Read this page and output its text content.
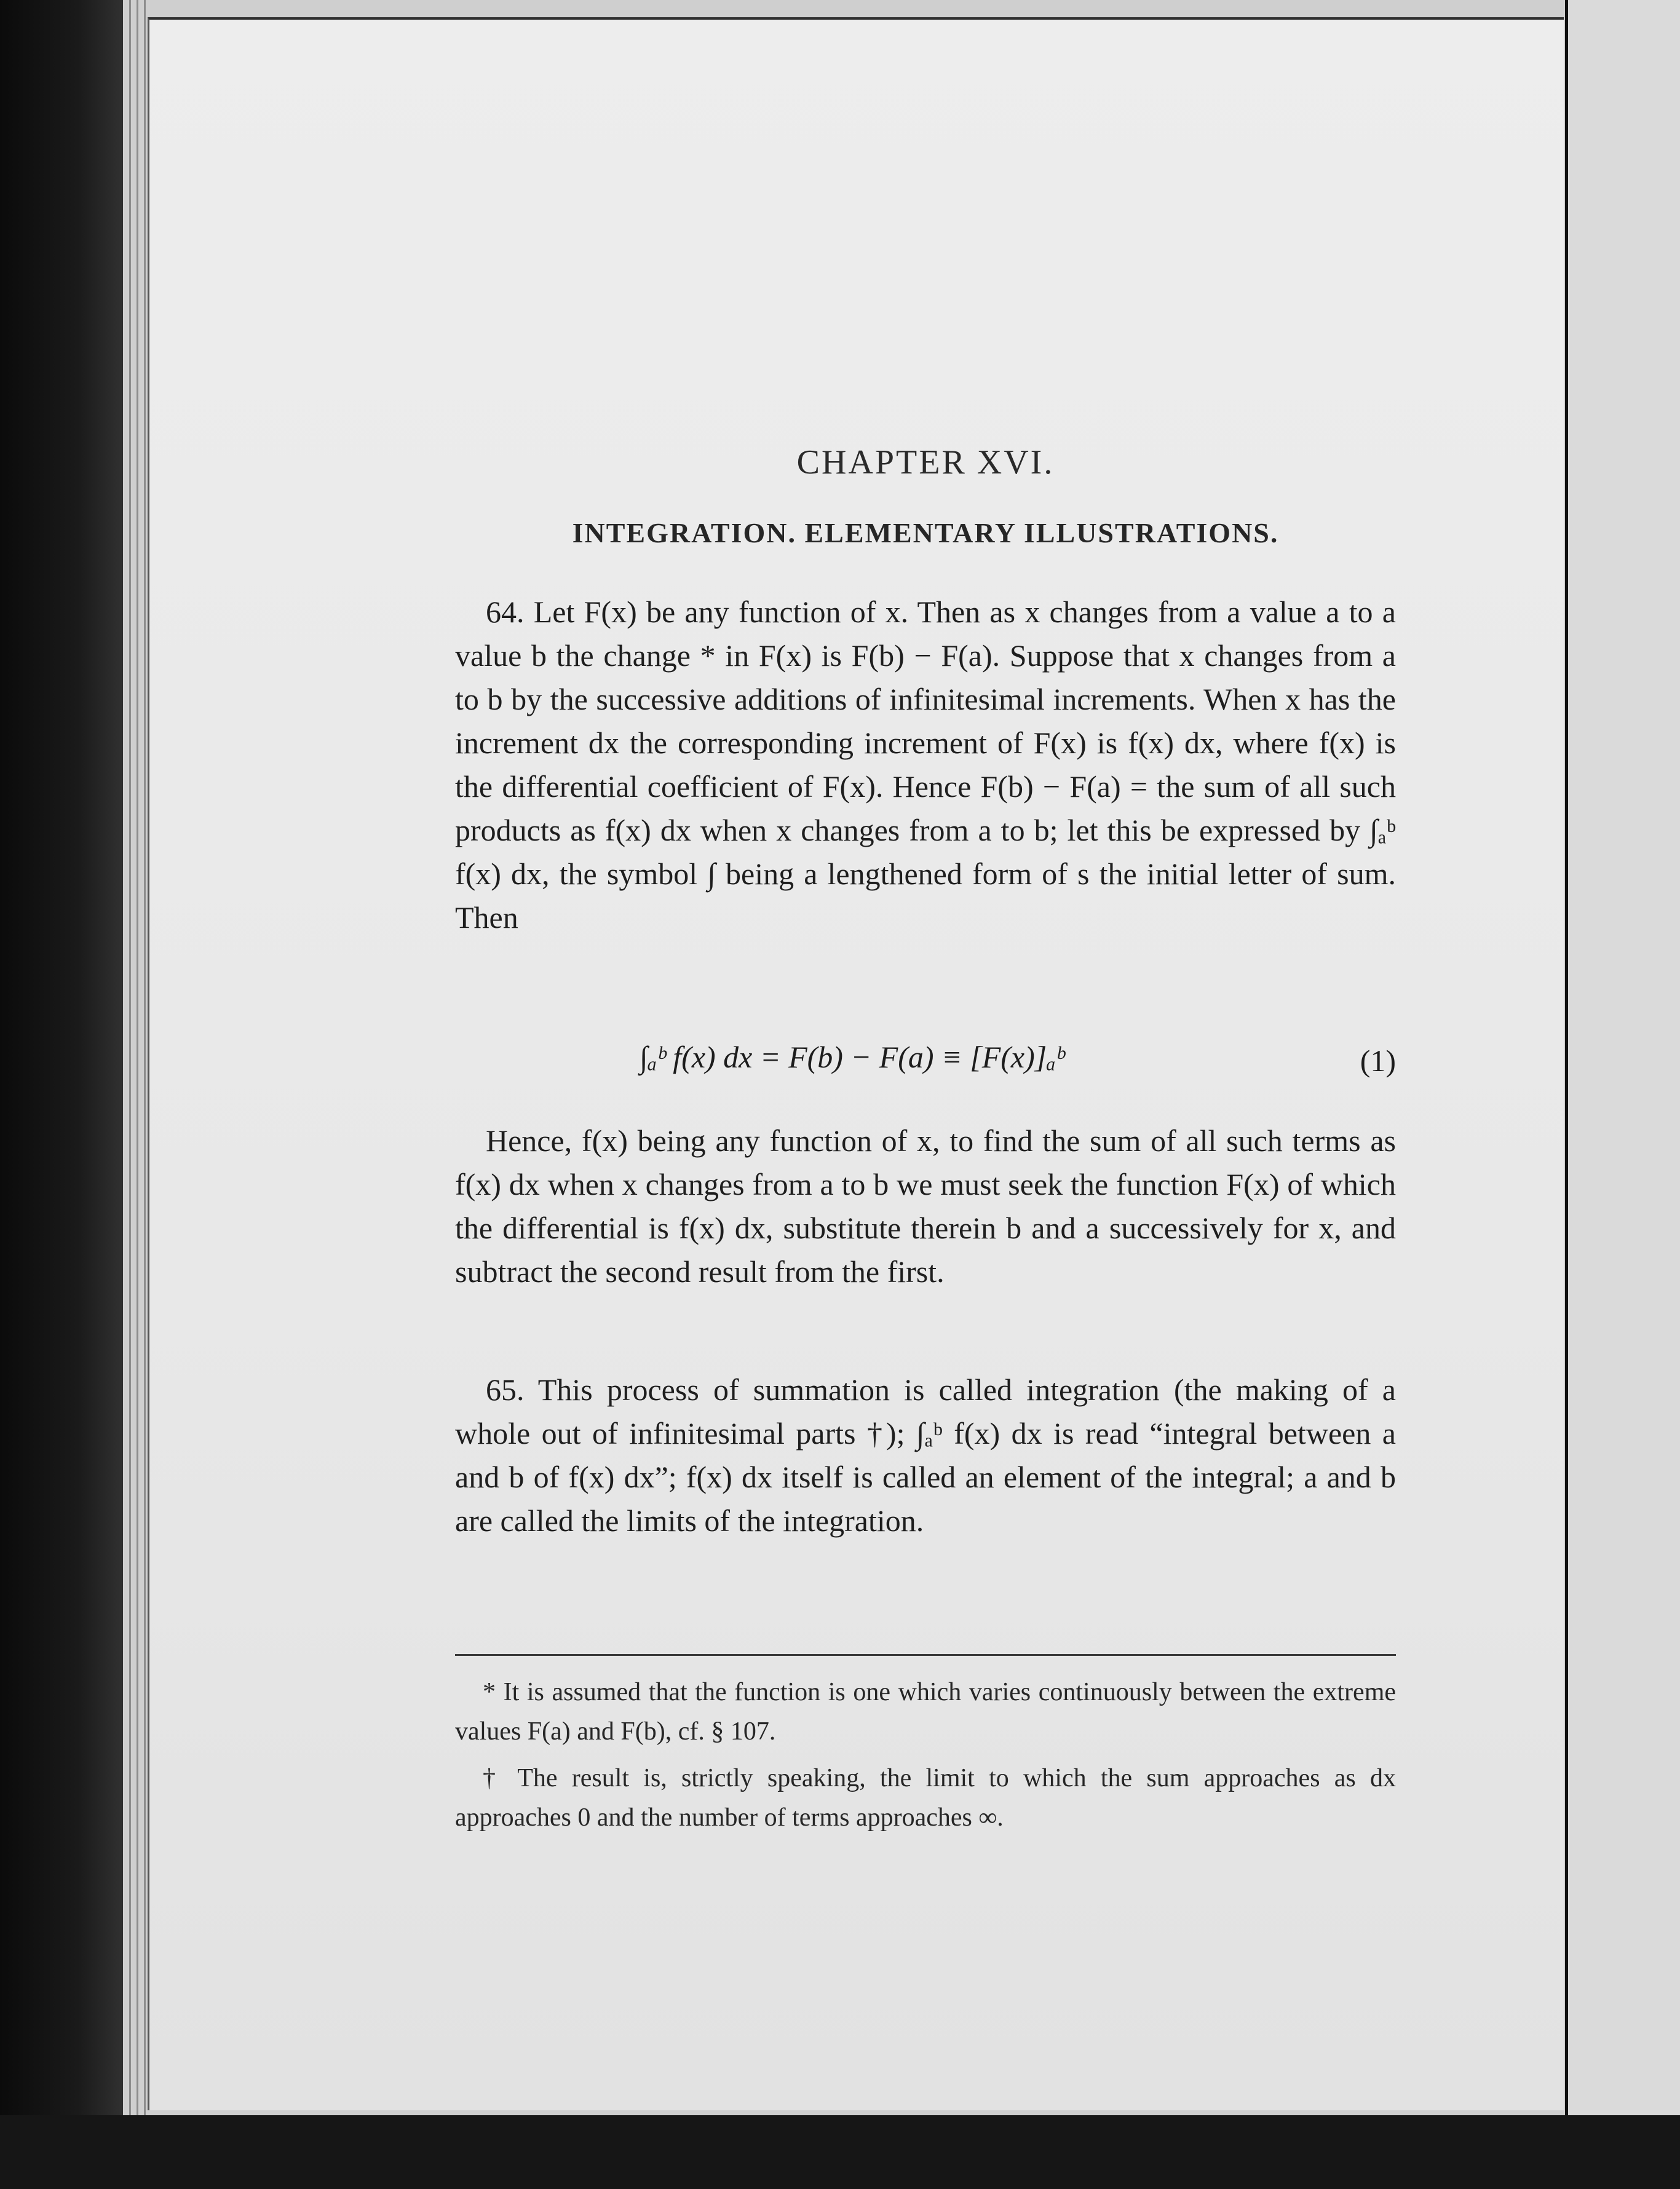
CHAPTER XVI.
INTEGRATION. ELEMENTARY ILLUSTRATIONS.
64. Let F(x) be any function of x. Then as x changes from a value a to a value b the change * in F(x) is F(b) − F(a). Suppose that x changes from a to b by the successive additions of infinitesimal increments. When x has the increment dx the corresponding increment of F(x) is f(x) dx, where f(x) is the differential coefficient of F(x). Hence F(b) − F(a) = the sum of all such products as f(x) dx when x changes from a to b; let this be expressed by ∫ₐᵇ f(x) dx, the symbol ∫ being a lengthened form of s the initial letter of sum. Then
∫ₐᵇ f(x) dx = F(b) − F(a) ≡ [F(x)]ₐᵇ	(1)
Hence, f(x) being any function of x, to find the sum of all such terms as f(x) dx when x changes from a to b we must seek the function F(x) of which the differential is f(x) dx, substitute therein b and a successively for x, and subtract the second result from the first.
65. This process of summation is called integration (the making of a whole out of infinitesimal parts †); ∫ₐᵇ f(x) dx is read “integral between a and b of f(x) dx”; f(x) dx itself is called an element of the integral; a and b are called the limits of the integration.
* It is assumed that the function is one which varies continuously between the extreme values F(a) and F(b), cf. § 107.
† The result is, strictly speaking, the limit to which the sum approaches as dx approaches 0 and the number of terms approaches ∞.
